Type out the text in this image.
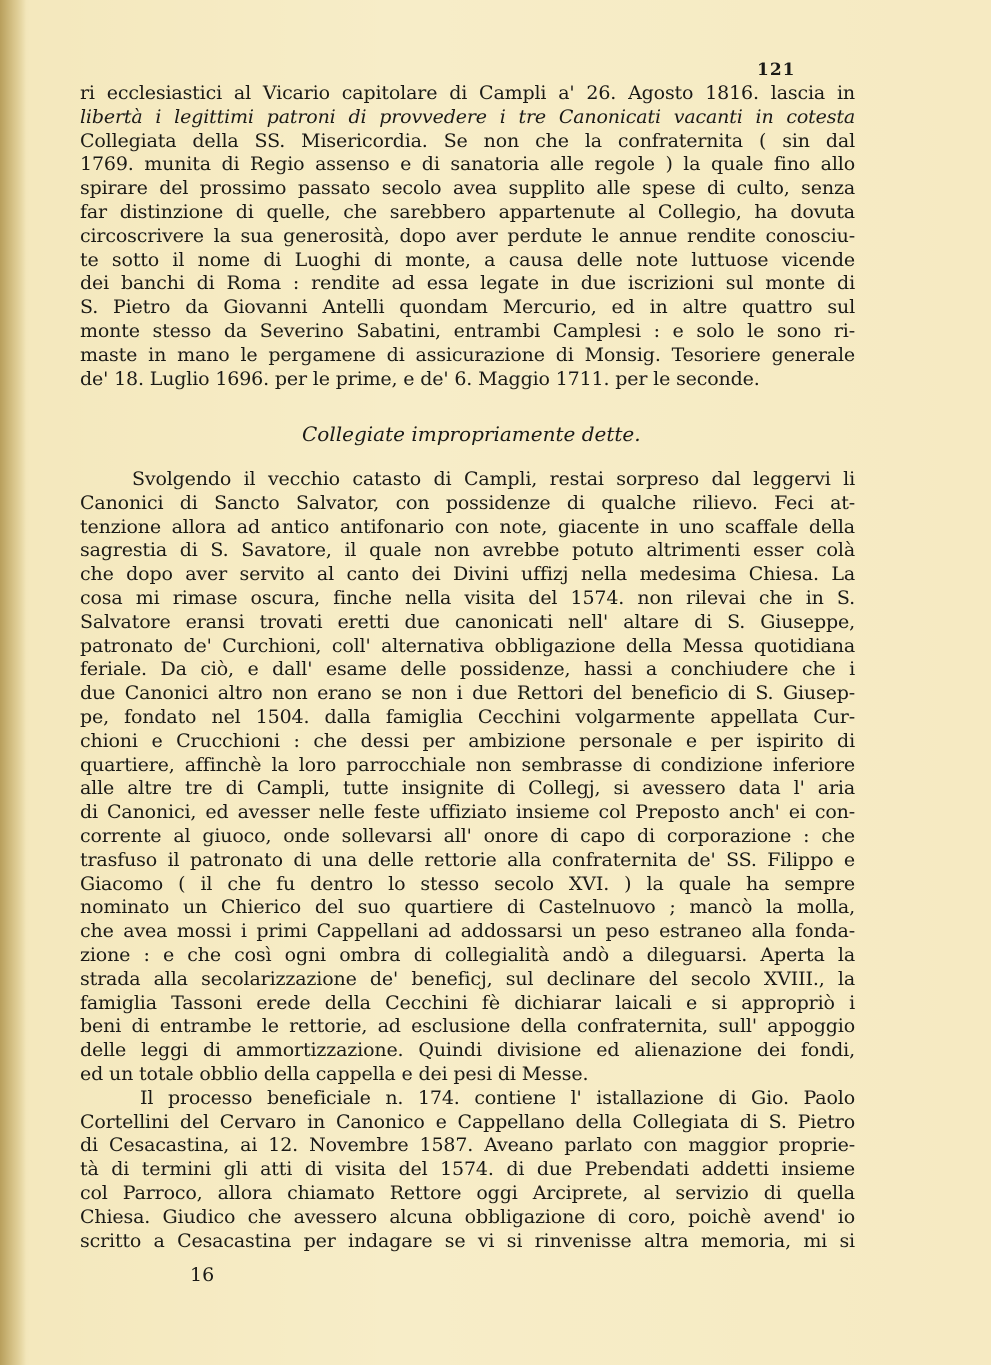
121
ri ecclesiastici al Vicario capitolare di Campli a' 26. Agosto 1816. lascia in
libertà i legittimi patroni di provvedere i tre Canonicati vacanti in cotesta
Collegiata della SS. Misericordia. Se non che la confraternita ( sin dal
1769. munita di Regio assenso e di sanatoria alle regole ) la quale fino allo
spirare del prossimo passato secolo avea supplito alle spese di culto, senza
far distinzione di quelle, che sarebbero appartenute al Collegio, ha dovuta
circoscrivere la sua generosità, dopo aver perdute le annue rendite conosciu-
te sotto il nome di Luoghi di monte, a causa delle note luttuose vicende
dei banchi di Roma : rendite ad essa legate in due iscrizioni sul monte di
S. Pietro da Giovanni Antelli quondam Mercurio, ed in altre quattro sul
monte stesso da Severino Sabatini, entrambi Camplesi : e solo le sono ri-
maste in mano le pergamene di assicurazione di Monsig. Tesoriere generale
de' 18. Luglio 1696. per le prime, e de' 6. Maggio 1711. per le seconde.
Collegiate impropriamente dette.
Svolgendo il vecchio catasto di Campli, restai sorpreso dal leggervi li
Canonici di Sancto Salvator, con possidenze di qualche rilievo. Feci at-
tenzione allora ad antico antifonario con note, giacente in uno scaffale della
sagrestia di S. Savatore, il quale non avrebbe potuto altrimenti esser colà
che dopo aver servito al canto dei Divini uffizj nella medesima Chiesa. La
cosa mi rimase oscura, finche nella visita del 1574. non rilevai che in S.
Salvatore eransi trovati eretti due canonicati nell' altare di S. Giuseppe,
patronato de' Curchioni, coll' alternativa obbligazione della Messa quotidiana
feriale. Da ciò, e dall' esame delle possidenze, hassi a conchiudere che i
due Canonici altro non erano se non i due Rettori del beneficio di S. Giusep-
pe, fondato nel 1504. dalla famiglia Cecchini volgarmente appellata Cur-
chioni e Crucchioni : che dessi per ambizione personale e per ispirito di
quartiere, affinchè la loro parrocchiale non sembrasse di condizione inferiore
alle altre tre di Campli, tutte insignite di Collegj, si avessero data l' aria
di Canonici, ed avesser nelle feste uffiziato insieme col Preposto anch' ei con-
corrente al giuoco, onde sollevarsi all' onore di capo di corporazione : che
trasfuso il patronato di una delle rettorie alla confraternita de' SS. Filippo e
Giacomo ( il che fu dentro lo stesso secolo XVI. ) la quale ha sempre
nominato un Chierico del suo quartiere di Castelnuovo ; mancò la molla,
che avea mossi i primi Cappellani ad addossarsi un peso estraneo alla fonda-
zione : e che così ogni ombra di collegialità andò a dileguarsi. Aperta la
strada alla secolarizzazione de' beneficj, sul declinare del secolo XVIII., la
famiglia Tassoni erede della Cecchini fè dichiarar laicali e si appropriò i
beni di entrambe le rettorie, ad esclusione della confraternita, sull' appoggio
delle leggi di ammortizzazione. Quindi divisione ed alienazione dei fondi,
ed un totale obblio della cappella e dei pesi di Messe.
Il processo beneficiale n. 174. contiene l' istallazione di Gio. Paolo
Cortellini del Cervaro in Canonico e Cappellano della Collegiata di S. Pietro
di Cesacastina, ai 12. Novembre 1587. Aveano parlato con maggior proprie-
tà di termini gli atti di visita del 1574. di due Prebendati addetti insieme
col Parroco, allora chiamato Rettore oggi Arciprete, al servizio di quella
Chiesa. Giudico che avessero alcuna obbligazione di coro, poichè avend' io
scritto a Cesacastina per indagare se vi si rinvenisse altra memoria, mi si
16
